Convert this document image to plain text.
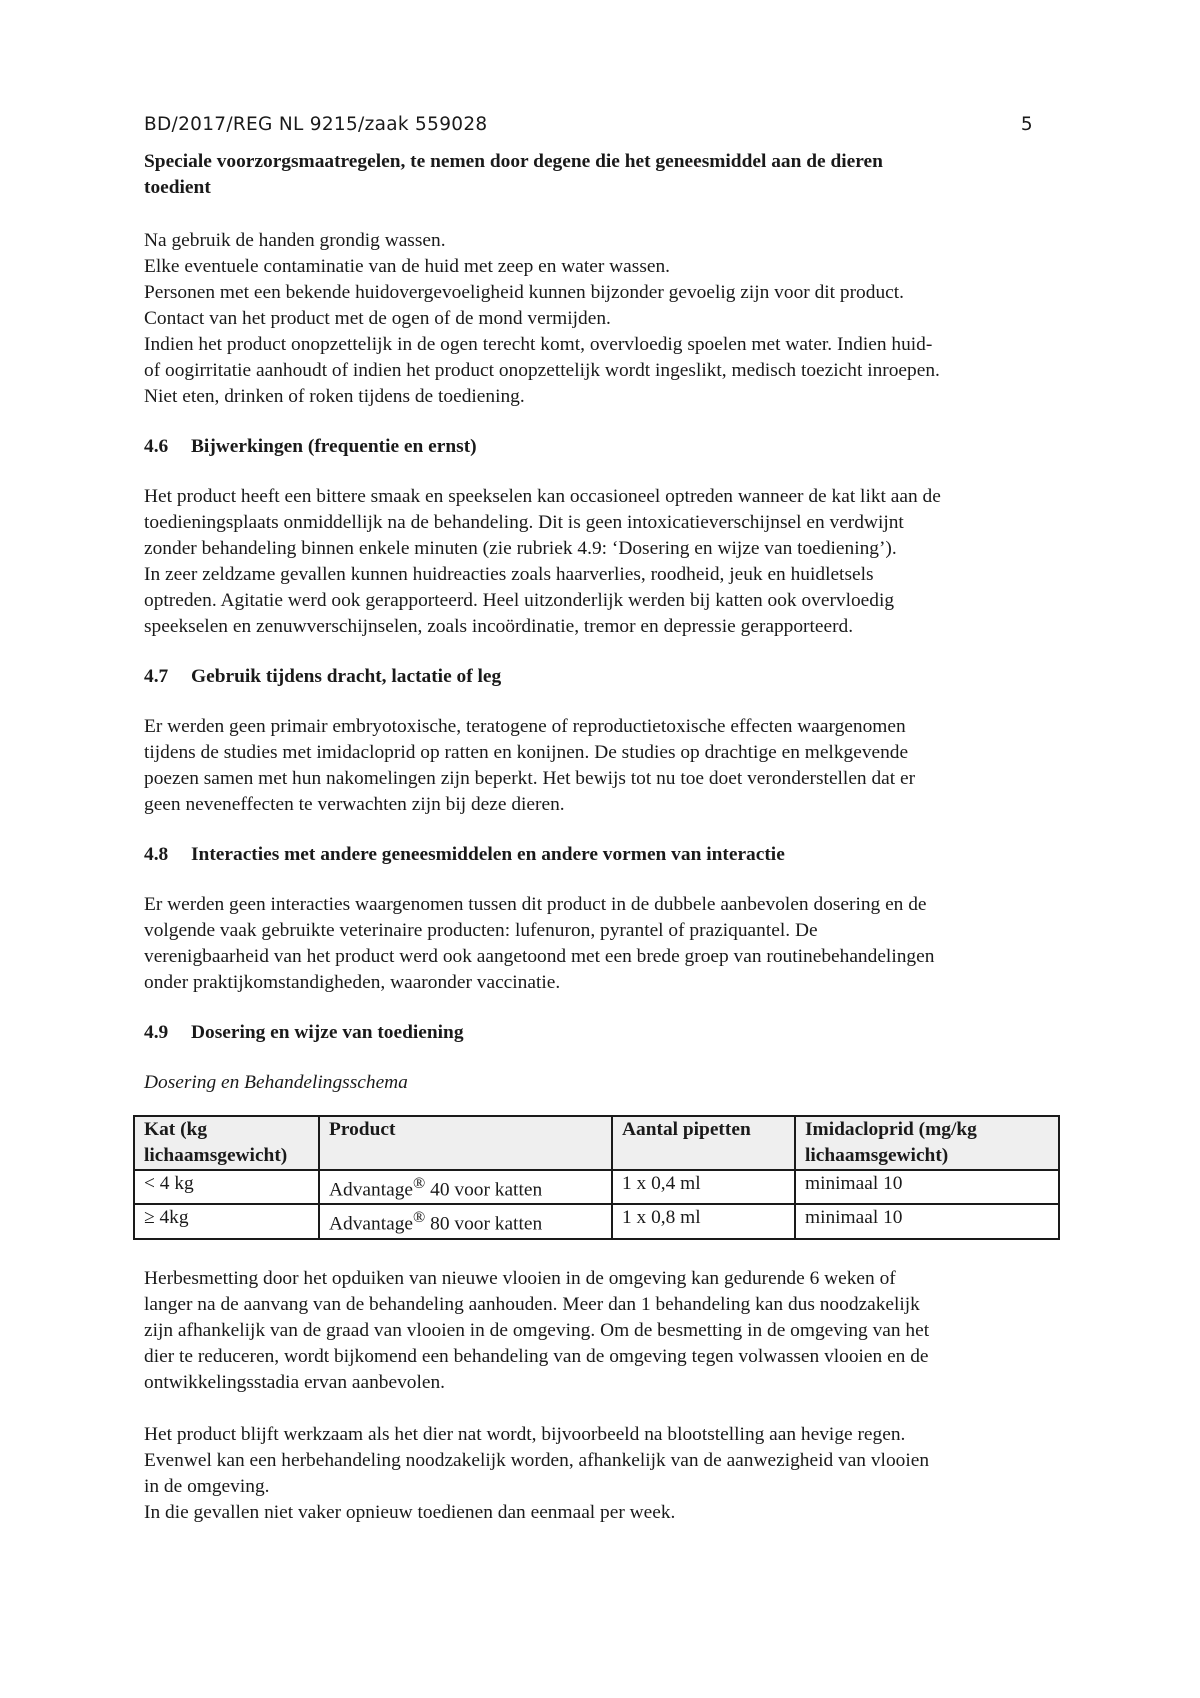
BD/2017/REG NL 9215/zaak 559028	5
Speciale voorzorgsmaatregelen, te nemen door degene die het geneesmiddel aan de dieren
toedient
Na gebruik de handen grondig wassen.
Elke eventuele contaminatie van de huid met zeep en water wassen.
Personen met een bekende huidovergevoeligheid kunnen bijzonder gevoelig zijn voor dit product.
Contact van het product met de ogen of de mond vermijden.
Indien het product onopzettelijk in de ogen terecht komt, overvloedig spoelen met water. Indien huid-
of oogirritatie aanhoudt of indien het product onopzettelijk wordt ingeslikt, medisch toezicht inroepen.
Niet eten, drinken of roken tijdens de toediening.
4.6 Bijwerkingen (frequentie en ernst)
Het product heeft een bittere smaak en speekselen kan occasioneel optreden wanneer de kat likt aan de
toedieningsplaats onmiddellijk na de behandeling. Dit is geen intoxicatieverschijnsel en verdwijnt
zonder behandeling binnen enkele minuten (zie rubriek 4.9: ‘Dosering en wijze van toediening’).
In zeer zeldzame gevallen kunnen huidreacties zoals haarverlies, roodheid, jeuk en huidletsels
optreden. Agitatie werd ook gerapporteerd. Heel uitzonderlijk werden bij katten ook overvloedig
speekselen en zenuwverschijnselen, zoals incoördinatie, tremor en depressie gerapporteerd.
4.7 Gebruik tijdens dracht, lactatie of leg
Er werden geen primair embryotoxische, teratogene of reproductietoxische effecten waargenomen
tijdens de studies met imidacloprid op ratten en konijnen. De studies op drachtige en melkgevende
poezen samen met hun nakomelingen zijn beperkt. Het bewijs tot nu toe doet veronderstellen dat er
geen neveneffecten te verwachten zijn bij deze dieren.
4.8 Interacties met andere geneesmiddelen en andere vormen van interactie
Er werden geen interacties waargenomen tussen dit product in de dubbele aanbevolen dosering en de
volgende vaak gebruikte veterinaire producten: lufenuron, pyrantel of praziquantel. De
verenigbaarheid van het product werd ook aangetoond met een brede groep van routinebehandelingen
onder praktijkomstandigheden, waaronder vaccinatie.
4.9 Dosering en wijze van toediening
Dosering en Behandelingsschema
Kat (kg lichaamsgewicht)	Product	Aantal pipetten	Imidacloprid (mg/kg lichaamsgewicht)
< 4 kg	Advantage® 40 voor katten	1 x 0,4 ml	minimaal 10
≥ 4kg	Advantage® 80 voor katten	1 x 0,8 ml	minimaal 10
Herbesmetting door het opduiken van nieuwe vlooien in de omgeving kan gedurende 6 weken of
langer na de aanvang van de behandeling aanhouden. Meer dan 1 behandeling kan dus noodzakelijk
zijn afhankelijk van de graad van vlooien in de omgeving. Om de besmetting in de omgeving van het
dier te reduceren, wordt bijkomend een behandeling van de omgeving tegen volwassen vlooien en de
ontwikkelingsstadia ervan aanbevolen.
Het product blijft werkzaam als het dier nat wordt, bijvoorbeeld na blootstelling aan hevige regen.
Evenwel kan een herbehandeling noodzakelijk worden, afhankelijk van de aanwezigheid van vlooien
in de omgeving.
In die gevallen niet vaker opnieuw toedienen dan eenmaal per week.
